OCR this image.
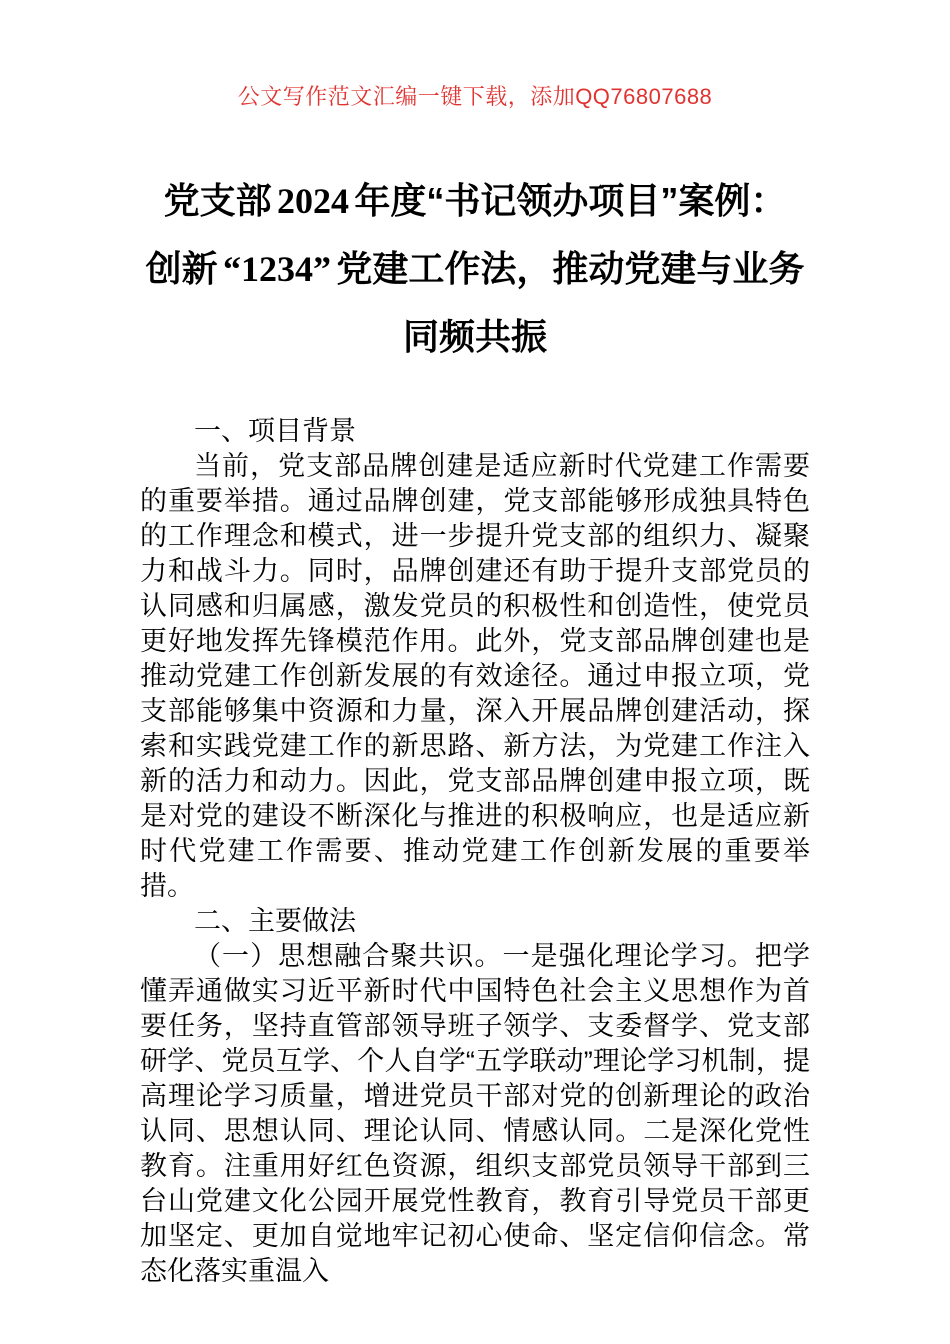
公文写作范文汇编一键下载，添加QQ76807688
党支部 2024 年度“书记领办项目”案例：
创新 “1234” 党建工作法，推动党建与业务
同频共振

一、项目背景

当前，党支部品牌创建是适应新时代党建工作需要的重要举措。通过品牌创建，党支部能够形成独具特色的工作理念和模式，进一步提升党支部的组织力、凝聚力和战斗力。同时，品牌创建还有助于提升支部党员的认同感和归属感，激发党员的积极性和创造性，使党员更好地发挥先锋模范作用。此外，党支部品牌创建也是推动党建工作创新发展的有效途径。通过申报立项，党支部能够集中资源和力量，深入开展品牌创建活动，探索和实践党建工作的新思路、新方法，为党建工作注入新的活力和动力。因此，党支部品牌创建申报立项，既是对党的建设不断深化与推进的积极响应，也是适应新时代党建工作需要、推动党建工作创新发展的重要举措。

二、主要做法

（一）思想融合聚共识。一是强化理论学习。把学懂弄通做实习近平新时代中国特色社会主义思想作为首要任务，坚持直管部领导班子领学、支委督学、党支部研学、党员互学、个人自学“五学联动”理论学习机制，提高理论学习质量，增进党员干部对党的创新理论的政治认同、思想认同、理论认同、情感认同。二是深化党性教育。注重用好红色资源，组织支部党员领导干部到三台山党建文化公园开展党性教育，教育引导党员干部更加坚定、更加自觉地牢记初心使命、坚定信仰信念。常态化落实重温入
